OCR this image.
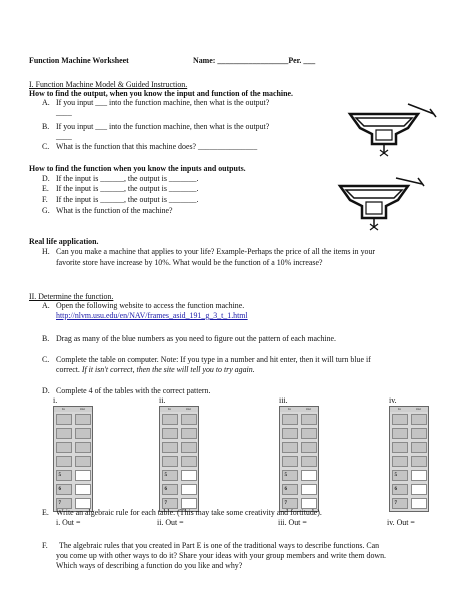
Function Machine Worksheet	Name: __________________Per. ___
I. Function Machine Model & Guided Instruction.
How to find the output, when you know the input and function of the machine.
A. If you input ___ into the function machine, then what is the output?
____
B. If you input ___ into the function machine, then what is the output?
____
C. What is the function that this machine does? _______________
How to find the function when you know the inputs and outputs.
D. If the input is ______, the output is _______.
E. If the input is ______, the output is _______.
F. If the input is ______, the output is _______.
G. What is the function of the machine?
Real life application.
H. Can you make a machine that applies to your life? Example-Perhaps the price of all the items in your
favorite store have increase by 10%. What would be the function of a 10% increase?
II. Determine the function.
A. Open the following website to access the function machine.
http://nlvm.usu.edu/en/NAV/frames_asid_191_g_3_t_1.html
B. Drag as many of the blue numbers as you need to figure out the pattern of each machine.
C. Complete the table on computer. Note: If you type in a number and hit enter, then it will turn blue if
correct. If it isn't correct, then the site will tell you to try again.
D. Complete 4 of the tables with the correct pattern.
i.	ii.	iii.	iv.
In	Out
5
6
7
In	Out
5
6
7
In	Out
5
6
7
In	Out
5
6
7
E. Write an algebraic rule for each table. (This may take some creativity and fortitude).
i. Out =	ii. Out =	iii. Out =	iv. Out =
F. The algebraic rules that you created in Part E is one of the traditional ways to describe functions. Can
you come up with other ways to do it? Share your ideas with your group members and write them down.
Which ways of describing a function do you like and why?
